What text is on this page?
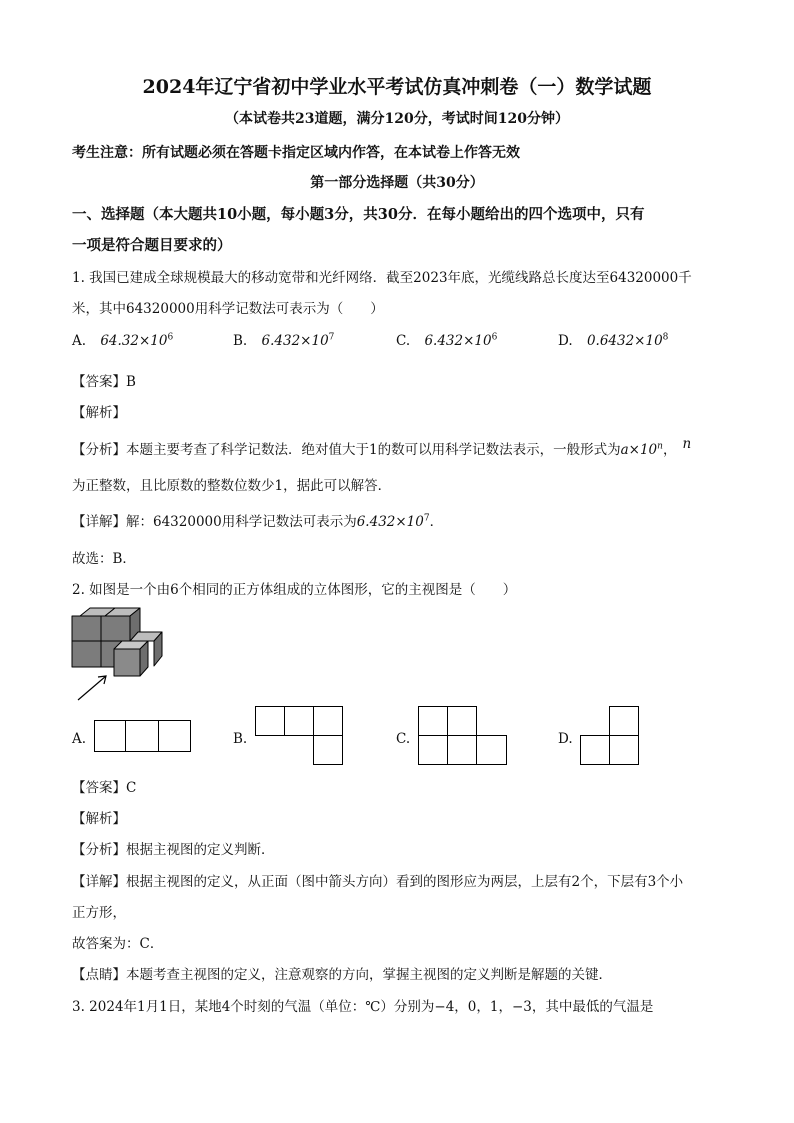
2024年辽宁省初中学业水平考试仿真冲刺卷（一）数学试题
（本试卷共23道题，满分120分，考试时间120分钟）
考生注意：所有试题必须在答题卡指定区域内作答，在本试卷上作答无效
第一部分选择题（共30分）
一、选择题（本大题共10小题，每小题3分，共30分．在每小题给出的四个选项中，只有
一项是符合题目要求的）
1. 我国已建成全球规模最大的移动宽带和光纤网络．截至2023年底，光缆线路总长度达至64320000千
米，其中64320000用科学记数法可表示为（　　）
A. $64.32\times 10^6$	B. $6.432\times 10^7$	C. $6.432\times 10^6$	D. $0.6432\times 10^8$
【答案】B
【解析】
【分析】本题主要考查了科学记数法．绝对值大于1的数可以用科学记数法表示，一般形式为$a\times 10^n$， n
为正整数，且比原数的整数位数少1，据此可以解答．
【详解】解：64320000用科学记数法可表示为$6.432\times 10^7$．
故选：B．
2. 如图是一个由6个相同的正方体组成的立体图形，它的主视图是（　　）
A.	B.	C.	D.
【答案】C
【解析】
【分析】根据主视图的定义判断．
【详解】根据主视图的定义，从正面（图中箭头方向）看到的图形应为两层，上层有2个，下层有3个小
正方形，
故答案为：C．
【点睛】本题考查主视图的定义，注意观察的方向，掌握主视图的定义判断是解题的关键．
3. 2024年1月1日，某地4个时刻的气温（单位：℃）分别为−4，0，1，−3，其中最低的气温是
